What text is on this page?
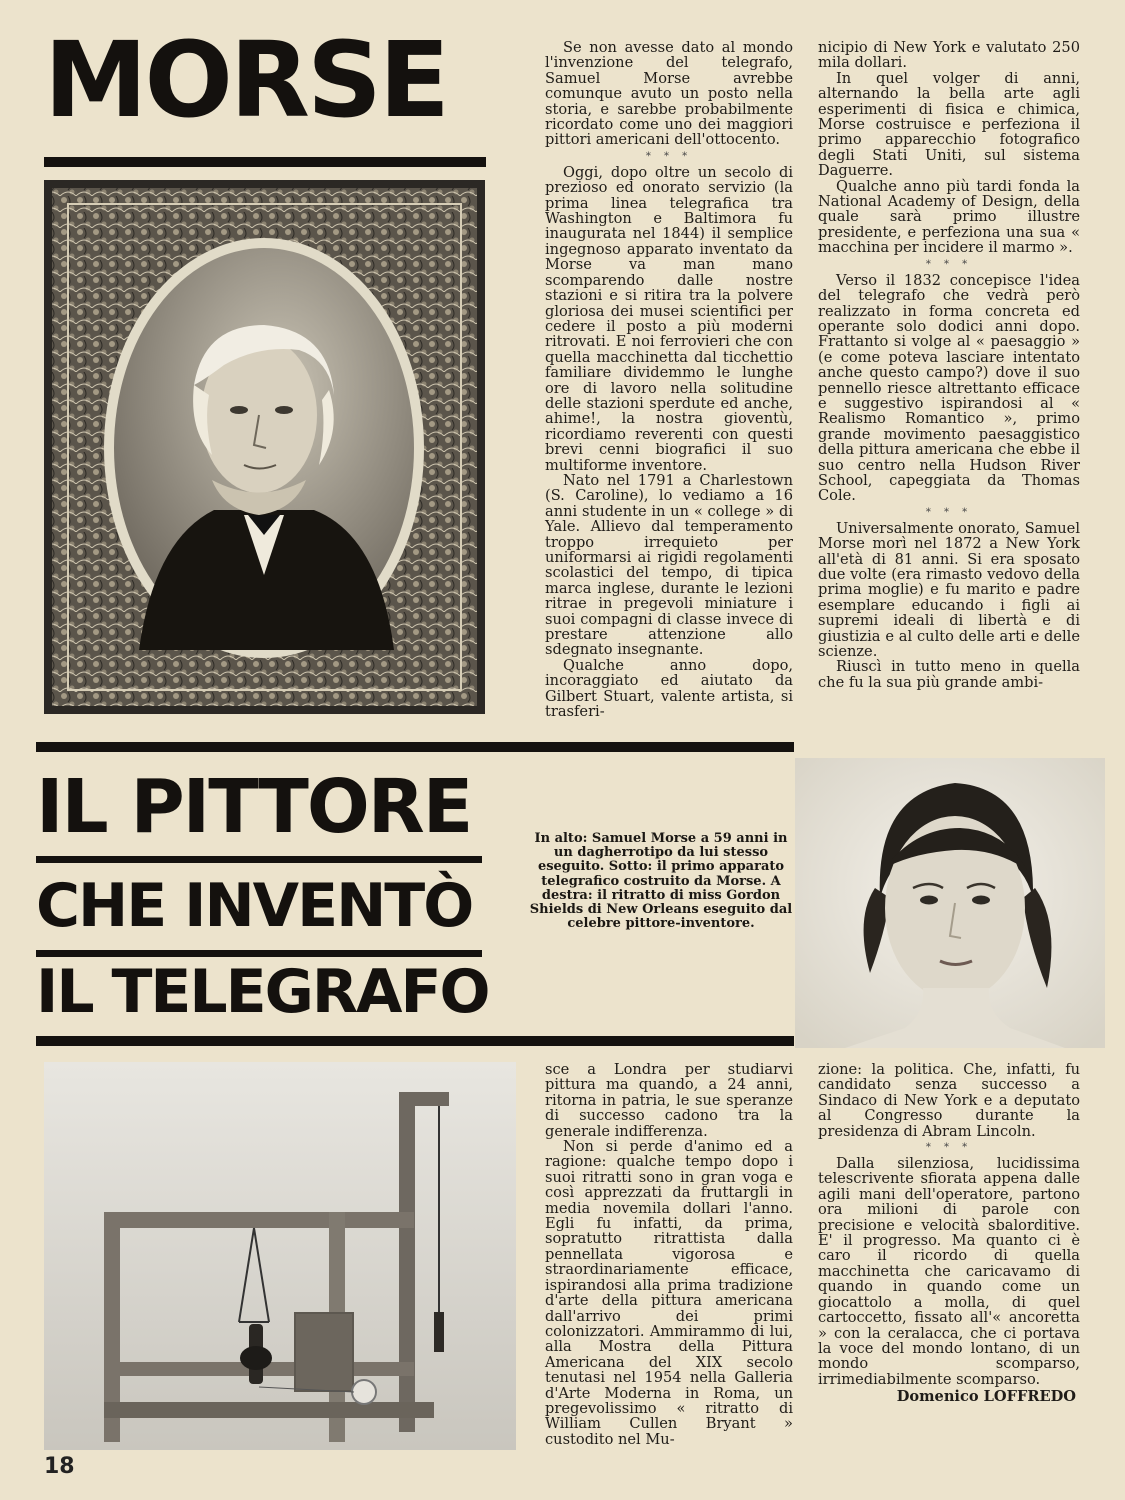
MORSE	Se non avesse dato al mondo l'invenzione del telegrafo, Samuel Morse avrebbe comunque avuto un posto nella storia, e sarebbe probabilmente ricordato come uno dei maggiori pittori americani dell'ottocento.

* * *

Oggi, dopo oltre un secolo di prezioso ed onorato servizio (la prima linea telegrafica tra Washington e Baltimora fu inaugurata nel 1844) il semplice ingegnoso apparato inventato da Morse va man mano scomparendo dalle nostre stazioni e si ritira tra la polvere gloriosa dei musei scientifici per cedere il posto a più moderni ritrovati. E noi ferrovieri che con quella macchinetta dal ticchettio familiare dividemmo le lunghe ore di lavoro nella solitudine delle stazioni sperdute ed anche, ahime!, la nostra gioventù, ricordiamo reverenti con questi brevi cenni biografici il suo multiforme inventore.

Nato nel 1791 a Charlestown (S. Caroline), lo vediamo a 16 anni studente in un « college » di Yale. Allievo dal temperamento troppo irrequieto per uniformarsi ai rigidi regolamenti scolastici del tempo, di tipica marca inglese, durante le lezioni ritrae in pregevoli miniature i suoi compagni di classe invece di prestare attenzione allo sdegnato insegnante.

Qualche anno dopo, incoraggiato ed aiutato da Gilbert Stuart, valente artista, si trasferi-

nicipio di New York e valutato 250 mila dollari.

In quel volger di anni, alternando la bella arte agli esperimenti di fisica e chimica, Morse costruisce e perfeziona il primo apparecchio fotografico degli Stati Uniti, sul sistema Daguerre.

Qualche anno più tardi fonda la National Academy of Design, della quale sarà primo illustre presidente, e perfeziona una sua « macchina per incidere il marmo ».

* * *

Verso il 1832 concepisce l'idea del telegrafo che vedrà però realizzato in forma concreta ed operante solo dodici anni dopo. Frattanto si volge al « paesaggio » (e come poteva lasciare intentato anche questo campo?) dove il suo pennello riesce altrettanto efficace e suggestivo ispirandosi al « Realismo Romantico », primo grande movimento paesaggistico della pittura americana che ebbe il suo centro nella Hudson River School, capeggiata da Thomas Cole.

* * *

Universalmente onorato, Samuel Morse morì nel 1872 a New York all'età di 81 anni. Si era sposato due volte (era rimasto vedovo della prima moglie) e fu marito e padre esemplare educando i figli ai supremi ideali di libertà e di giustizia e al culto delle arti e delle scienze.

Riuscì in tutto meno in quella che fu la sua più grande ambi-

IL PITTORE
CHE INVENTÒ
IL TELEGRAFO
In alto: Samuel Morse a 59 anni in un dagherrotipo da lui stesso eseguito. Sotto: il primo apparato telegrafico costruito da Morse. A destra: il ritratto di miss Gordon Shields di New Orleans eseguito dal celebre pittore-inventore.

sce a Londra per studiarvi pittura ma quando, a 24 anni, ritorna in patria, le sue speranze di successo cadono tra la generale indifferenza.

Non si perde d'animo ed a ragione: qualche tempo dopo i suoi ritratti sono in gran voga e così apprezzati da fruttargli in media novemila dollari l'anno. Egli fu infatti, da prima, sopratutto ritrattista dalla pennellata vigorosa e straordinariamente efficace, ispirandosi alla prima tradizione d'arte della pittura americana dall'arrivo dei primi colonizzatori. Ammirammo di lui, alla Mostra della Pittura Americana del XIX secolo tenutasi nel 1954 nella Galleria d'Arte Moderna in Roma, un pregevolissimo « ritratto di William Cullen Bryant » custodito nel Mu-

zione: la politica. Che, infatti, fu candidato senza successo a Sindaco di New York e a deputato al Congresso durante la presidenza di Abram Lincoln.

* * *

Dalla silenziosa, lucidissima telescrivente sfiorata appena dalle agili mani dell'operatore, partono ora milioni di parole con precisione e velocità sbalorditive. E' il progresso. Ma quanto ci è caro il ricordo di quella macchinetta che caricavamo di quando in quando come un giocattolo a molla, di quel cartoccetto, fissato all'« ancoretta » con la ceralacca, che ci portava la voce del mondo lontano, di un mondo scomparso, irrimediabilmente scomparso.

Domenico LOFFREDO
18
